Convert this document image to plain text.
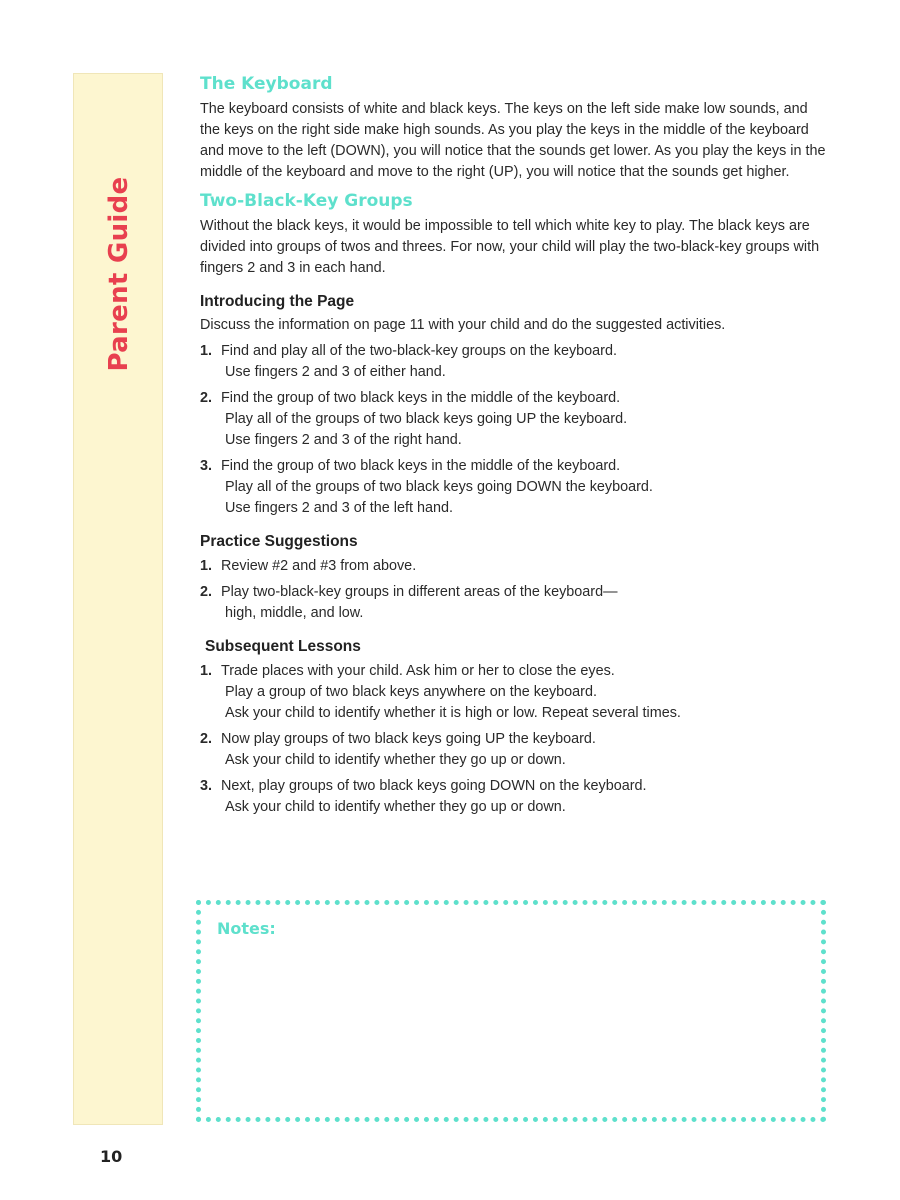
Parent Guide
The Keyboard

The keyboard consists of white and black keys. The keys on the left side make low sounds, and the keys on the right side make high sounds. As you play the keys in the middle of the keyboard and move to the left (DOWN), you will notice that the sounds get lower. As you play the keys in the middle of the keyboard and move to the right (UP), you will notice that the sounds get higher.

Two-Black-Key Groups

Without the black keys, it would be impossible to tell which white key to play. The black keys are divided into groups of twos and threes. For now, your child will play the two-black-key groups with fingers 2 and 3 in each hand.

Introducing the Page

Discuss the information on page 11 with your child and do the suggested activities.

1. Find and play all of the two-black-key groups on the keyboard.
Use fingers 2 and 3 of either hand.
2. Find the group of two black keys in the middle of the keyboard.
Play all of the groups of two black keys going UP the keyboard.
Use fingers 2 and 3 of the right hand.
3. Find the group of two black keys in the middle of the keyboard.
Play all of the groups of two black keys going DOWN the keyboard.
Use fingers 2 and 3 of the left hand.
Practice Suggestions
1. Review #2 and #3 from above.
2. Play two-black-key groups in different areas of the keyboard—
high, middle, and low.
Subsequent Lessons
1. Trade places with your child. Ask him or her to close the eyes.
Play a group of two black keys anywhere on the keyboard.
Ask your child to identify whether it is high or low. Repeat several times.
2. Now play groups of two black keys going UP the keyboard.
Ask your child to identify whether they go up or down.
3. Next, play groups of two black keys going DOWN on the keyboard.
Ask your child to identify whether they go up or down.
Notes:
10
